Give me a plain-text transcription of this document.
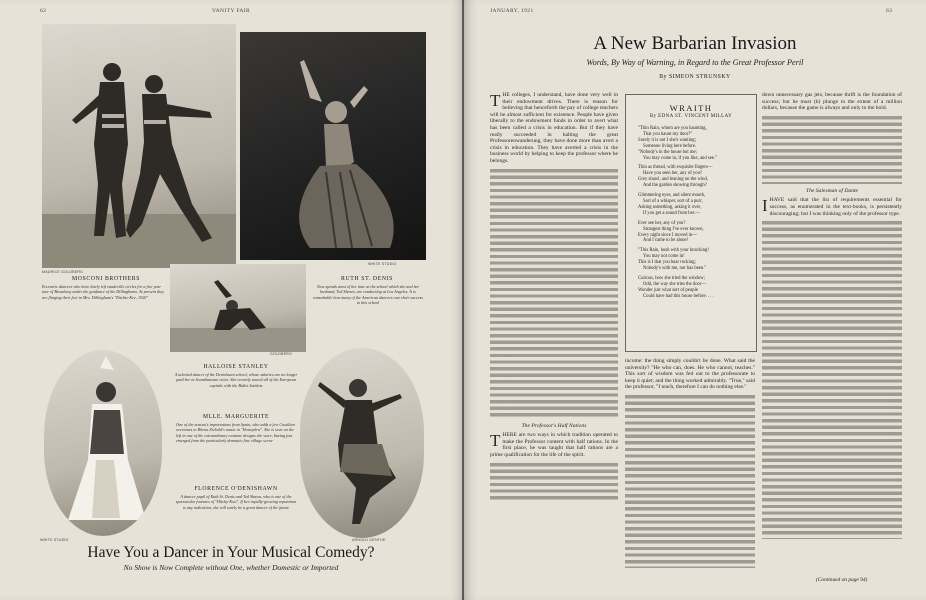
62	VANITY FAIR
MAURICE GOLDBERG
WHITE STUDIO
MOSCONI BROTHERS
Eccentric dancers who have lately left vaudeville circles for a five year tour of Broadway under the guidance of the Dillinghams. At present they are flinging their feet in Mrs. Dillingham's "Ritchie-Kee, 1920"
GOLDBERG
RUTH ST. DENIS
Now spends most of her time at the school which she and her husband, Ted Shawn, are conducting at Los Angeles. It is remarkable how many of the American dancers owe their success to this school
WHITE STUDIO
HALLOISE STANLEY
A talented dancer of the Denishawn school, whose salaries are no longer paid her in Scandinavian cities. She recently toured all of the European capitals with the Ballet Suédois
MLLE. MARGUERITE
One of the season's importations from Spain, who adds a few Castilian overtones to Rhena Ziebold's music in "Honeydew". She is seen on the left in one of the extraordinary costume designs she wore, having just emerged from the particularly dramatic fine village scene
FLORENCE O'DENISHAWN
A dancer pupil of Ruth St. Denis and Ted Shawn, who is one of the spectacular features of "Hitchy-Koo". If her rapidly-growing reputation is any indication, she will surely be a great dancer of the future
ARNOLD GENTHE
Have You a Dancer in Your Musical Comedy?
No Show is Now Complete without One, whether Domestic or Imported
JANUARY, 1921	63
A New Barbarian Invasion
Words, By Way of Warning, in Regard to the Great Professor Peril
By SIMEON STRUNSKY

THE colleges, I understand, have done very well in their endowment drives. There is reason for believing that henceforth the pay of college teachers will be almost sufficient for existence. People have given liberally to the endowment funds in order to avert what has been called a crisis in education. But if they have really succeeded in halting the great Professorenwanderung, they have done more than avert a crisis in education. They have averted a crisis in the business world by helping to keep the professor where he belongs.

The Professor's Half Nations

THERE are two ways in which tradition operated to make the Professor content with half rations. In the first place, he was taught that half rations are a prime qualification for the life of the spirit.

WRAITH
By EDNA ST. VINCENT MILLAY
"Thin Rain, whom are you haunting,
That you haunt my door?"
Surely it is not I she's wanting;
Someone living here before.
"Nobody's in the house but me;
You may come in, if you like, and see."
Thin as thread, with exquisite fingers—
Have you seen her, any of you?
Grey shawl, and leaning on the wind,
And the garden showing through?
Glimmering eyes, and silent mouth,
Sort of a whisper, sort of a purr,
Asking something, asking it over,
If you get a sound from her.—
Ever see her, any of you?
Strangest thing I've ever known,
Every night since I moved in—
And I came to be alone!
"This Rain, hush with your knocking!
You may not come in!
This is I that you hear rocking;
Nobody's with me, nor has been."
Curious, how she tried the window;
Odd, the way she tries the door—
Wonder just what sort of people
Could have had this house before. . . .

income: the thing simply couldn't be done. What said the university? "He who can, does. He who cannot, teaches." This sort of wisdom was fed out to the professorate to keep it quiet; and the thing worked admirably. "True," said the professor, "I teach, therefore I can do nothing else."

down unnecessary gas jets, because thrift is the foundation of success; but he must (b) plunge to the extent of a million dollars, because the game is always and only to the bold.

The Salesman of Dante

IHAVE said that the list of requirements essential for success, as enumerated in the text-books, is persistently discouraging; but I was thinking only of the professor type.

(Continued on page 94)
